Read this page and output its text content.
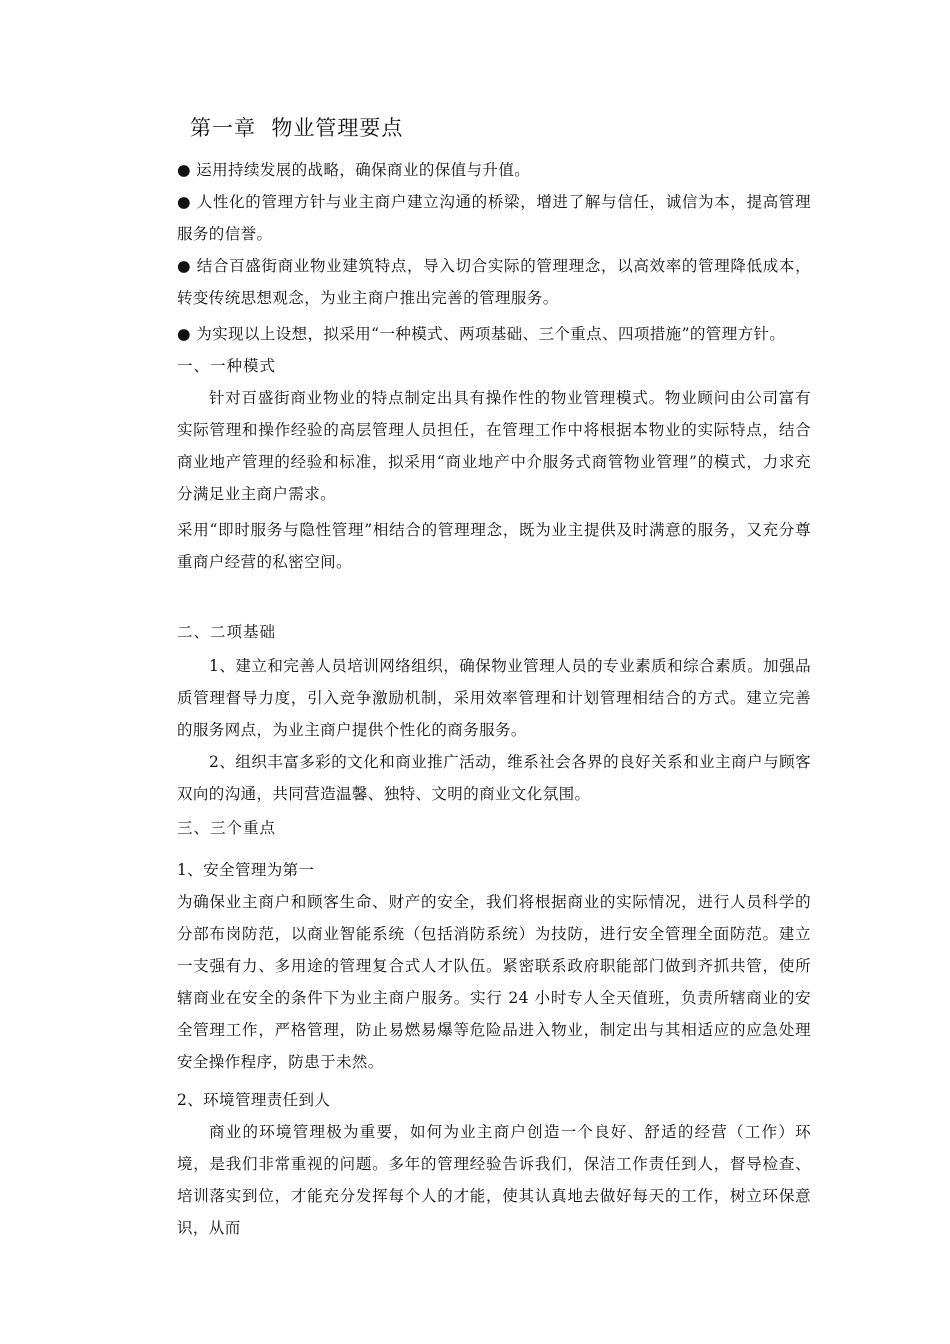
第一章  物业管理要点
● 运用持续发展的战略，确保商业的保值与升值。
● 人性化的管理方针与业主商户建立沟通的桥梁，增进了解与信任，诚信为本，提高管理服务的信誉。
● 结合百盛街商业物业建筑特点，导入切合实际的管理理念，以高效率的管理降低成本，转变传统思想观念，为业主商户推出完善的管理服务。
● 为实现以上设想，拟采用“一种模式、两项基础、三个重点、四项措施”的管理方针。
一、一种模式
针对百盛街商业物业的特点制定出具有操作性的物业管理模式。物业顾问由公司富有实际管理和操作经验的高层管理人员担任，在管理工作中将根据本物业的实际特点，结合商业地产管理的经验和标准，拟采用“商业地产中介服务式商管物业管理”的模式，力求充分满足业主商户需求。
采用“即时服务与隐性管理”相结合的管理理念，既为业主提供及时满意的服务，又充分尊重商户经营的私密空间。
二、二项基础
1、建立和完善人员培训网络组织，确保物业管理人员的专业素质和综合素质。加强品质管理督导力度，引入竞争激励机制，采用效率管理和计划管理相结合的方式。建立完善的服务网点，为业主商户提供个性化的商务服务。
2、组织丰富多彩的文化和商业推广活动，维系社会各界的良好关系和业主商户与顾客双向的沟通，共同营造温馨、独特、文明的商业文化氛围。
三、三个重点
1、安全管理为第一
为确保业主商户和顾客生命、财产的安全，我们将根据商业的实际情况，进行人员科学的分部布岗防范，以商业智能系统（包括消防系统）为技防，进行安全管理全面防范。建立一支强有力、多用途的管理复合式人才队伍。紧密联系政府职能部门做到齐抓共管，使所辖商业在安全的条件下为业主商户服务。实行 24 小时专人全天值班，负责所辖商业的安全管理工作，严格管理，防止易燃易爆等危险品进入物业，制定出与其相适应的应急处理安全操作程序，防患于未然。
2、环境管理责任到人
商业的环境管理极为重要，如何为业主商户创造一个良好、舒适的经营（工作）环境，是我们非常重视的问题。多年的管理经验告诉我们，保洁工作责任到人，督导检查、培训落实到位，才能充分发挥每个人的才能，使其认真地去做好每天的工作，树立环保意识，从而
